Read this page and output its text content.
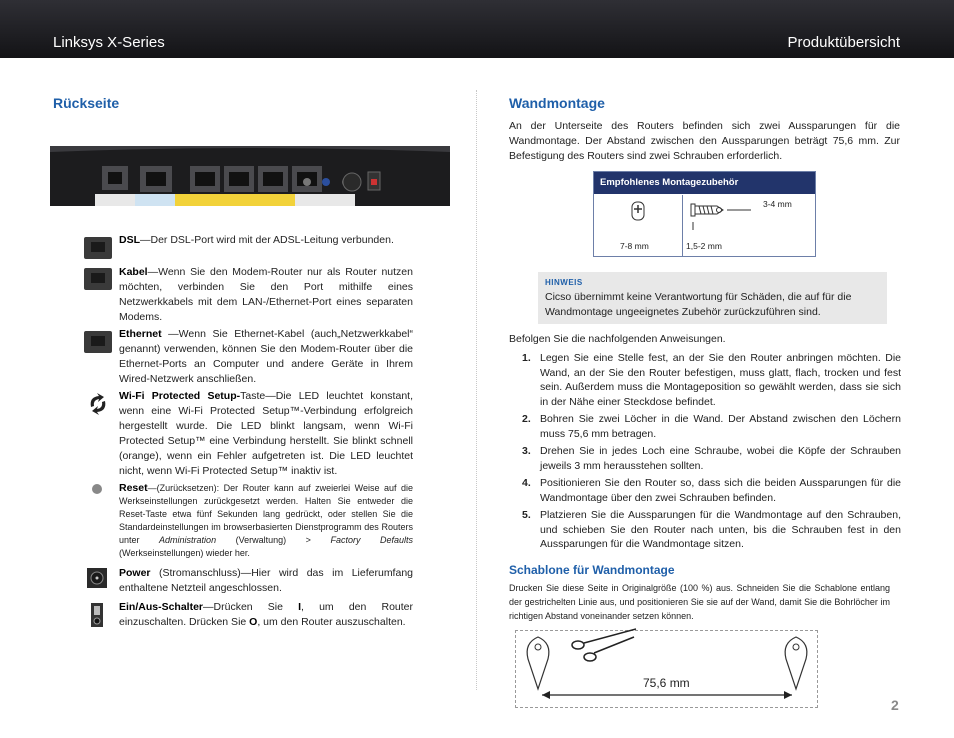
Linksys X-Series	Produktübersicht
Rückseite
DSL—Der DSL-Port wird mit der ADSL-Leitung verbunden.
Kabel—Wenn Sie den Modem-Router nur als Router nutzen möchten, verbinden Sie den Port mithilfe eines Netzwerkkabels mit dem LAN-/Ethernet-Port eines separaten Modems.
Ethernet —Wenn Sie Ethernet-Kabel (auch„Netzwerkkabel“ genannt) verwenden, können Sie den Modem-Router über die Ethernet-Ports an Computer und andere Geräte in Ihrem Wired-Netzwerk anschließen.
Wi-Fi Protected Setup-Taste—Die LED leuchtet konstant, wenn eine Wi-Fi Protected Setup™-Verbindung erfolgreich hergestellt wurde. Die LED blinkt langsam, wenn Wi-Fi Protected Setup™ eine Verbindung herstellt. Sie blinkt schnell (orange), wenn ein Fehler aufgetreten ist. Die LED leuchtet nicht, wenn Wi-Fi Protected Setup™ inaktiv ist.
Reset—(Zurücksetzen): Der Router kann auf zweierlei Weise auf die Werkseinstellungen zurückgesetzt werden. Halten Sie entweder die Reset-Taste etwa fünf Sekunden lang gedrückt, oder stellen Sie die Standardeinstellungen im browserbasierten Dienstprogramm des Routers unter Administration (Verwaltung) > Factory Defaults (Werkseinstellungen) wieder her.
Power (Stromanschluss)—Hier wird das im Lieferumfang enthaltene Netzteil angeschlossen.
Ein/Aus-Schalter—Drücken Sie I, um den Router einzuschalten. Drücken Sie O, um den Router auszuschalten.
Wandmontage
An der Unterseite des Routers befinden sich zwei Aussparungen für die Wandmontage. Der Abstand zwischen den Aussparungen beträgt 75,6 mm. Zur Befestigung des Routers sind zwei Schrauben erforderlich.
Empfohlenes Montagezubehör
7-8 mm
3-4 mm
1,5-2 mm
HINWEIS
Cicso übernimmt keine Verantwortung für Schäden, die auf für die Wandmontage ungeeignetes Zubehör zurückzuführen sind.
Befolgen Sie die nachfolgenden Anweisungen.
1. Legen Sie eine Stelle fest, an der Sie den Router anbringen möchten. Die Wand, an der Sie den Router befestigen, muss glatt, flach, trocken und fest sein. Außerdem muss die Montageposition so gewählt werden, dass sie sich in der Nähe einer Steckdose befindet.
2. Bohren Sie zwei Löcher in die Wand. Der Abstand zwischen den Löchern muss 75,6 mm betragen.
3. Drehen Sie in jedes Loch eine Schraube, wobei die Köpfe der Schrauben jeweils 3 mm herausstehen sollten.
4. Positionieren Sie den Router so, dass sich die beiden Aussparungen für die Wandmontage über den zwei Schrauben befinden.
5. Platzieren Sie die Aussparungen für die Wandmontage auf den Schrauben, und schieben Sie den Router nach unten, bis die Schrauben fest in den Aussparungen für die Wandmontage sitzen.
Schablone für Wandmontage
Drucken Sie diese Seite in Originalgröße (100 %) aus. Schneiden Sie die Schablone entlang der gestrichelten Linie aus, und positionieren Sie sie auf der Wand, damit Sie die Bohrlöcher im richtigen Abstand voneinander setzen können.
75,6 mm
2
